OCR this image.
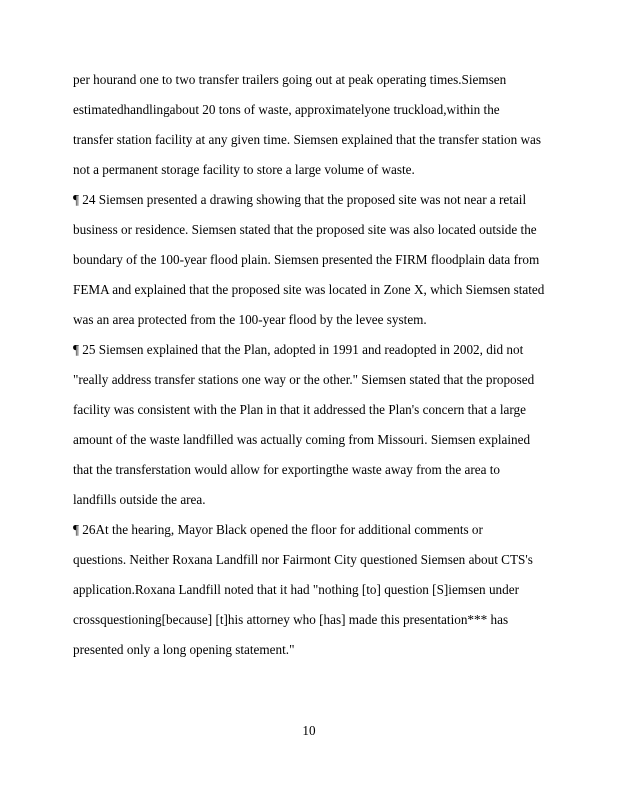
per hourand one to two transfer trailers going out at peak operating times.Siemsen
estimatedhandlingabout 20 tons of waste, approximatelyone truckload,within the
transfer station facility at any given time. Siemsen explained that the transfer station was
not a permanent storage facility to store a large volume of waste.
¶ 24 Siemsen presented a drawing showing that the proposed site was not near a retail
business or residence. Siemsen stated that the proposed site was also located outside the
boundary of the 100-year flood plain. Siemsen presented the FIRM floodplain data from
FEMA and explained that the proposed site was located in Zone X, which Siemsen stated
was an area protected from the 100-year flood by the levee system.
¶ 25 Siemsen explained that the Plan, adopted in 1991 and readopted in 2002, did not
"really address transfer stations one way or the other." Siemsen stated that the proposed
facility was consistent with the Plan in that it addressed the Plan's concern that a large
amount of the waste landfilled was actually coming from Missouri. Siemsen explained
that the transferstation would allow for exportingthe waste away from the area to
landfills outside the area.
¶ 26At the hearing, Mayor Black opened the floor for additional comments or
questions. Neither Roxana Landfill nor Fairmont City questioned Siemsen about CTS's
application.Roxana Landfill noted that it had "nothing [to] question [S]iemsen under
crossquestioning[because] [t]his attorney who [has] made this presentation*** has
presented only a long opening statement."
10
